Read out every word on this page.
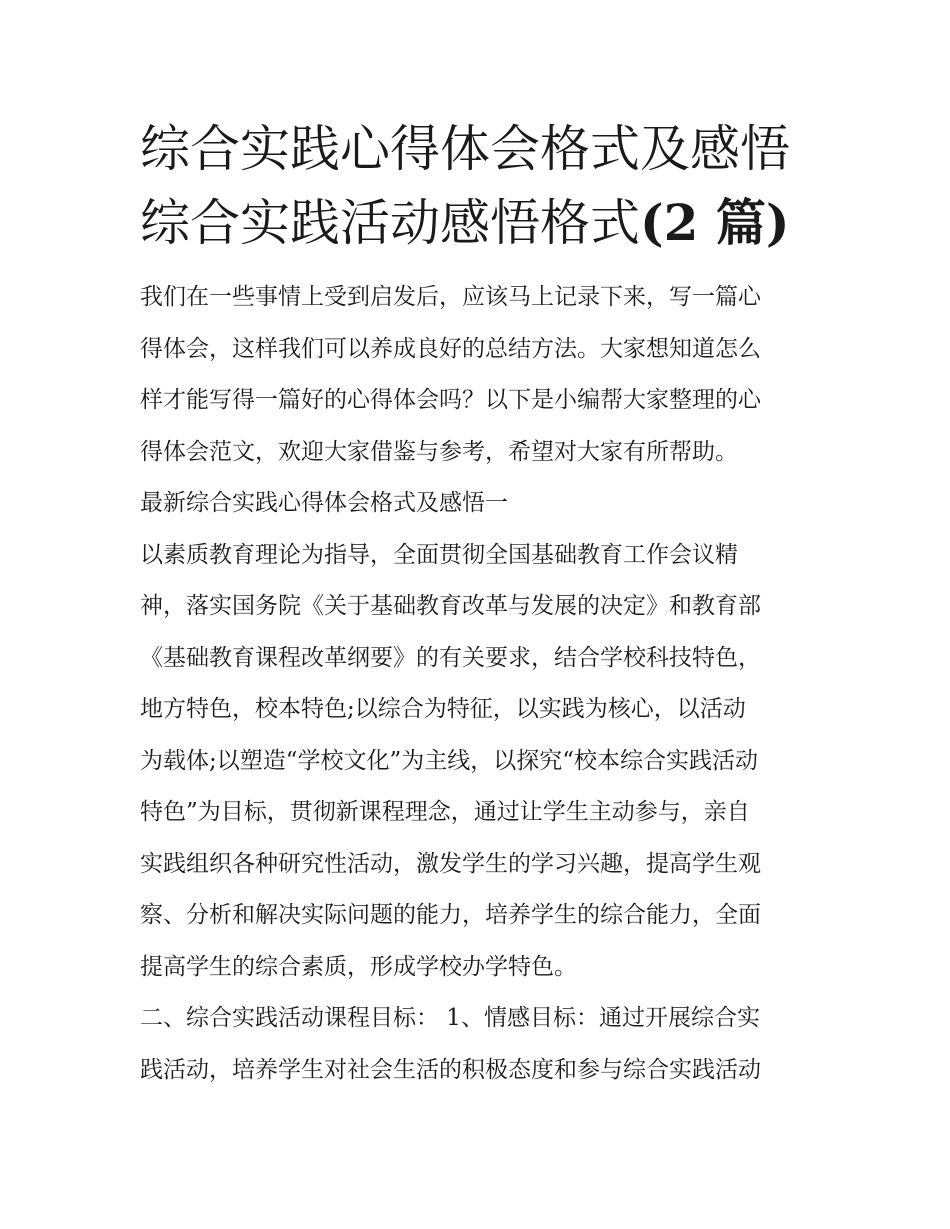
综合实践心得体会格式及感悟
综合实践活动感悟格式(2 篇)
我们在一些事情上受到启发后，应该马上记录下来，写一篇心
得体会，这样我们可以养成良好的总结方法。大家想知道怎么
样才能写得一篇好的心得体会吗？以下是小编帮大家整理的心
得体会范文，欢迎大家借鉴与参考，希望对大家有所帮助。
最新综合实践心得体会格式及感悟一
以素质教育理论为指导，全面贯彻全国基础教育工作会议精
神，落实国务院《关于基础教育改革与发展的决定》和教育部
《基础教育课程改革纲要》的有关要求，结合学校科技特色，
地方特色，校本特色;以综合为特征，以实践为核心，以活动
为载体;以塑造“学校文化”为主线，以探究“校本综合实践活动
特色”为目标，贯彻新课程理念，通过让学生主动参与，亲自
实践组织各种研究性活动，激发学生的学习兴趣，提高学生观
察、分析和解决实际问题的能力，培养学生的综合能力，全面
提高学生的综合素质，形成学校办学特色。
二、综合实践活动课程目标： 1、情感目标：通过开展综合实
践活动，培养学生对社会生活的积极态度和参与综合实践活动
